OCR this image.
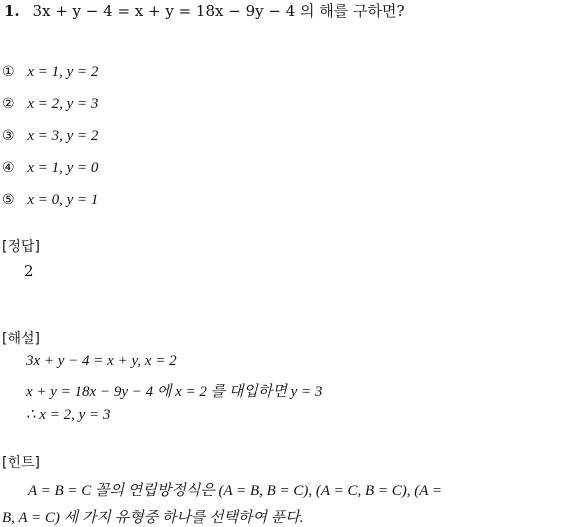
1. 3x + y − 4 = x + y = 18x − 9y − 4 의 해를 구하면?
① x = 1, y = 2
② x = 2, y = 3
③ x = 3, y = 2
④ x = 1, y = 0
⑤ x = 0, y = 1
[정답]
2
[해설]
3x + y − 4 = x + y, x = 2
x + y = 18x − 9y − 4 에 x = 2 를 대입하면 y = 3
∴ x = 2, y = 3
[힌트]
A = B = C 꼴의 연립방정식은 (A = B, B = C), (A = C, B = C), (A =
B, A = C) 세 가지 유형중 하나를 선택하여 푼다.
